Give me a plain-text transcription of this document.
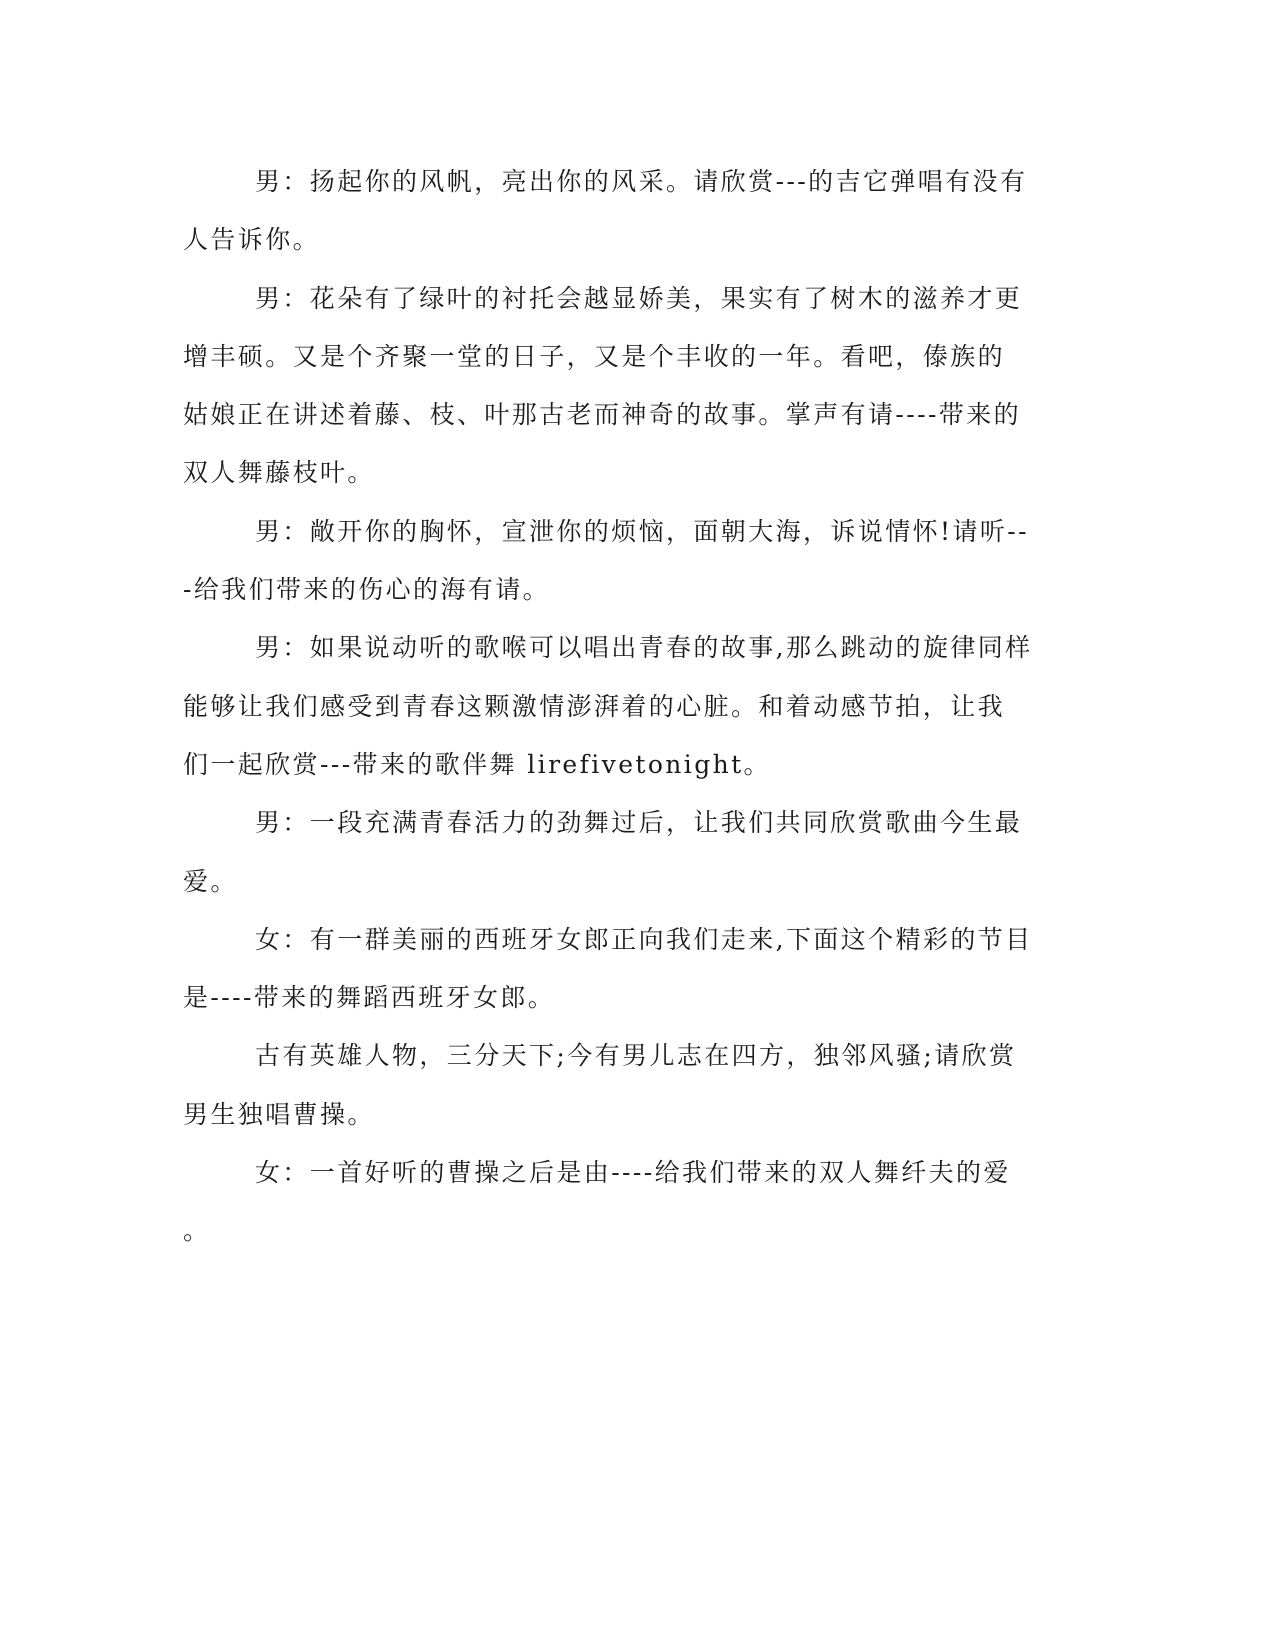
男：扬起你的风帆，亮出你的风采。请欣赏---的吉它弹唱有没有
人告诉你。

男：花朵有了绿叶的衬托会越显娇美，果实有了树木的滋养才更
增丰硕。又是个齐聚一堂的日子，又是个丰收的一年。看吧，傣族的
姑娘正在讲述着藤、枝、叶那古老而神奇的故事。掌声有请----带来的
双人舞藤枝叶。

男：敞开你的胸怀，宣泄你的烦恼，面朝大海，诉说情怀!请听--
-给我们带来的伤心的海有请。

男：如果说动听的歌喉可以唱出青春的故事,那么跳动的旋律同样
能够让我们感受到青春这颗激情澎湃着的心脏。和着动感节拍，让我
们一起欣赏---带来的歌伴舞 lirefivetonight。

男：一段充满青春活力的劲舞过后，让我们共同欣赏歌曲今生最
爱。

女：有一群美丽的西班牙女郎正向我们走来,下面这个精彩的节目
是----带来的舞蹈西班牙女郎。

古有英雄人物，三分天下;今有男儿志在四方，独邻风骚;请欣赏
男生独唱曹操。

女：一首好听的曹操之后是由----给我们带来的双人舞纤夫的爱
。
